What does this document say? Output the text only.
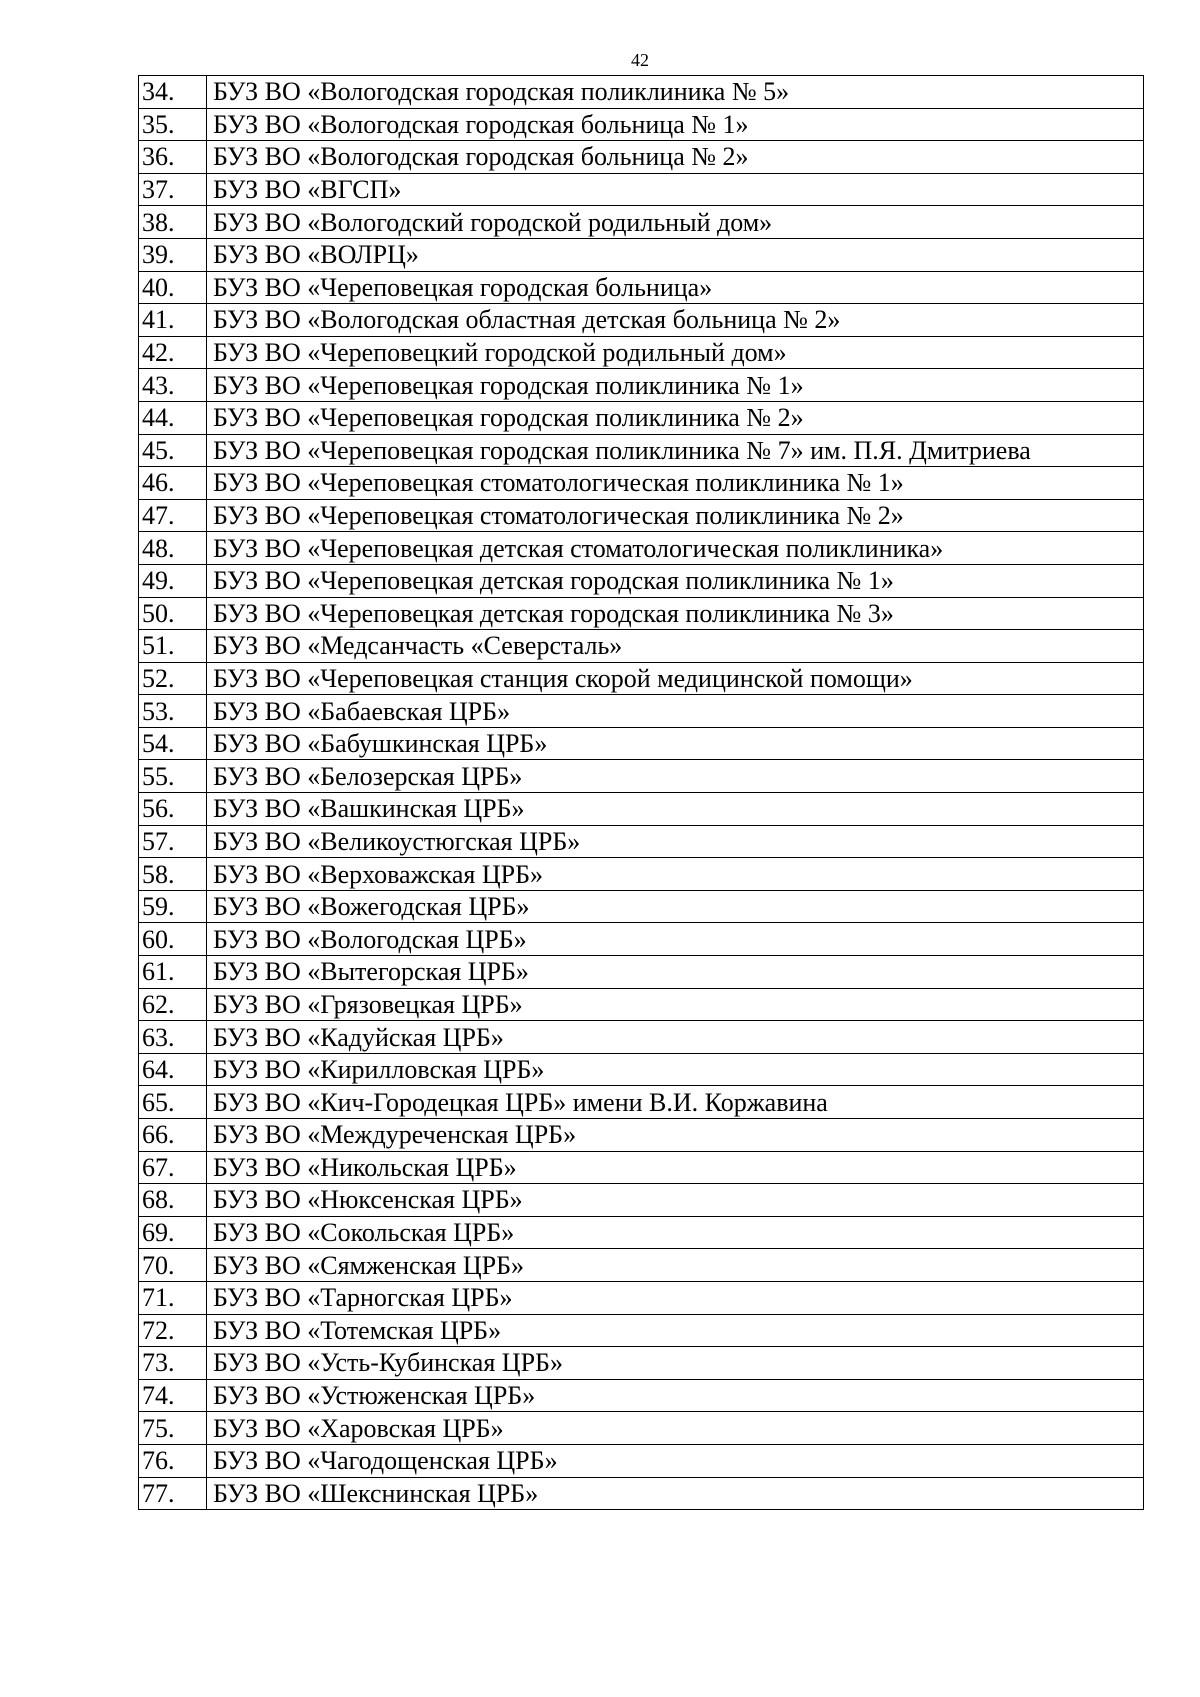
42
34.	БУЗ ВО «Вологодская городская поликлиника № 5»
35.	БУЗ ВО «Вологодская городская больница № 1»
36.	БУЗ ВО «Вологодская городская больница № 2»
37.	БУЗ ВО «ВГСП»
38.	БУЗ ВО «Вологодский городской родильный дом»
39.	БУЗ ВО «ВОЛРЦ»
40.	БУЗ ВО «Череповецкая городская больница»
41.	БУЗ ВО «Вологодская областная детская больница № 2»
42.	БУЗ ВО «Череповецкий городской родильный дом»
43.	БУЗ ВО «Череповецкая городская поликлиника № 1»
44.	БУЗ ВО «Череповецкая городская поликлиника № 2»
45.	БУЗ ВО «Череповецкая городская поликлиника № 7» им. П.Я. Дмитриева
46.	БУЗ ВО «Череповецкая стоматологическая поликлиника № 1»
47.	БУЗ ВО «Череповецкая стоматологическая поликлиника № 2»
48.	БУЗ ВО «Череповецкая детская стоматологическая поликлиника»
49.	БУЗ ВО «Череповецкая детская городская поликлиника № 1»
50.	БУЗ ВО «Череповецкая детская городская поликлиника № 3»
51.	БУЗ ВО «Медсанчасть «Северсталь»
52.	БУЗ ВО «Череповецкая станция скорой медицинской помощи»
53.	БУЗ ВО «Бабаевская ЦРБ»
54.	БУЗ ВО «Бабушкинская ЦРБ»
55.	БУЗ ВО «Белозерская ЦРБ»
56.	БУЗ ВО «Вашкинская ЦРБ»
57.	БУЗ ВО «Великоустюгская ЦРБ»
58.	БУЗ ВО «Верховажская ЦРБ»
59.	БУЗ ВО «Вожегодская ЦРБ»
60.	БУЗ ВО «Вологодская ЦРБ»
61.	БУЗ ВО «Вытегорская ЦРБ»
62.	БУЗ ВО «Грязовецкая ЦРБ»
63.	БУЗ ВО «Кадуйская ЦРБ»
64.	БУЗ ВО «Кирилловская ЦРБ»
65.	БУЗ ВО «Кич-Городецкая ЦРБ» имени В.И. Коржавина
66.	БУЗ ВО «Междуреченская ЦРБ»
67.	БУЗ ВО «Никольская ЦРБ»
68.	БУЗ ВО «Нюксенская ЦРБ»
69.	БУЗ ВО «Сокольская ЦРБ»
70.	БУЗ ВО «Сямженская ЦРБ»
71.	БУЗ ВО «Тарногская ЦРБ»
72.	БУЗ ВО «Тотемская ЦРБ»
73.	БУЗ ВО «Усть-Кубинская ЦРБ»
74.	БУЗ ВО «Устюженская ЦРБ»
75.	БУЗ ВО «Харовская ЦРБ»
76.	БУЗ ВО «Чагодощенская ЦРБ»
77.	БУЗ ВО «Шекснинская ЦРБ»
